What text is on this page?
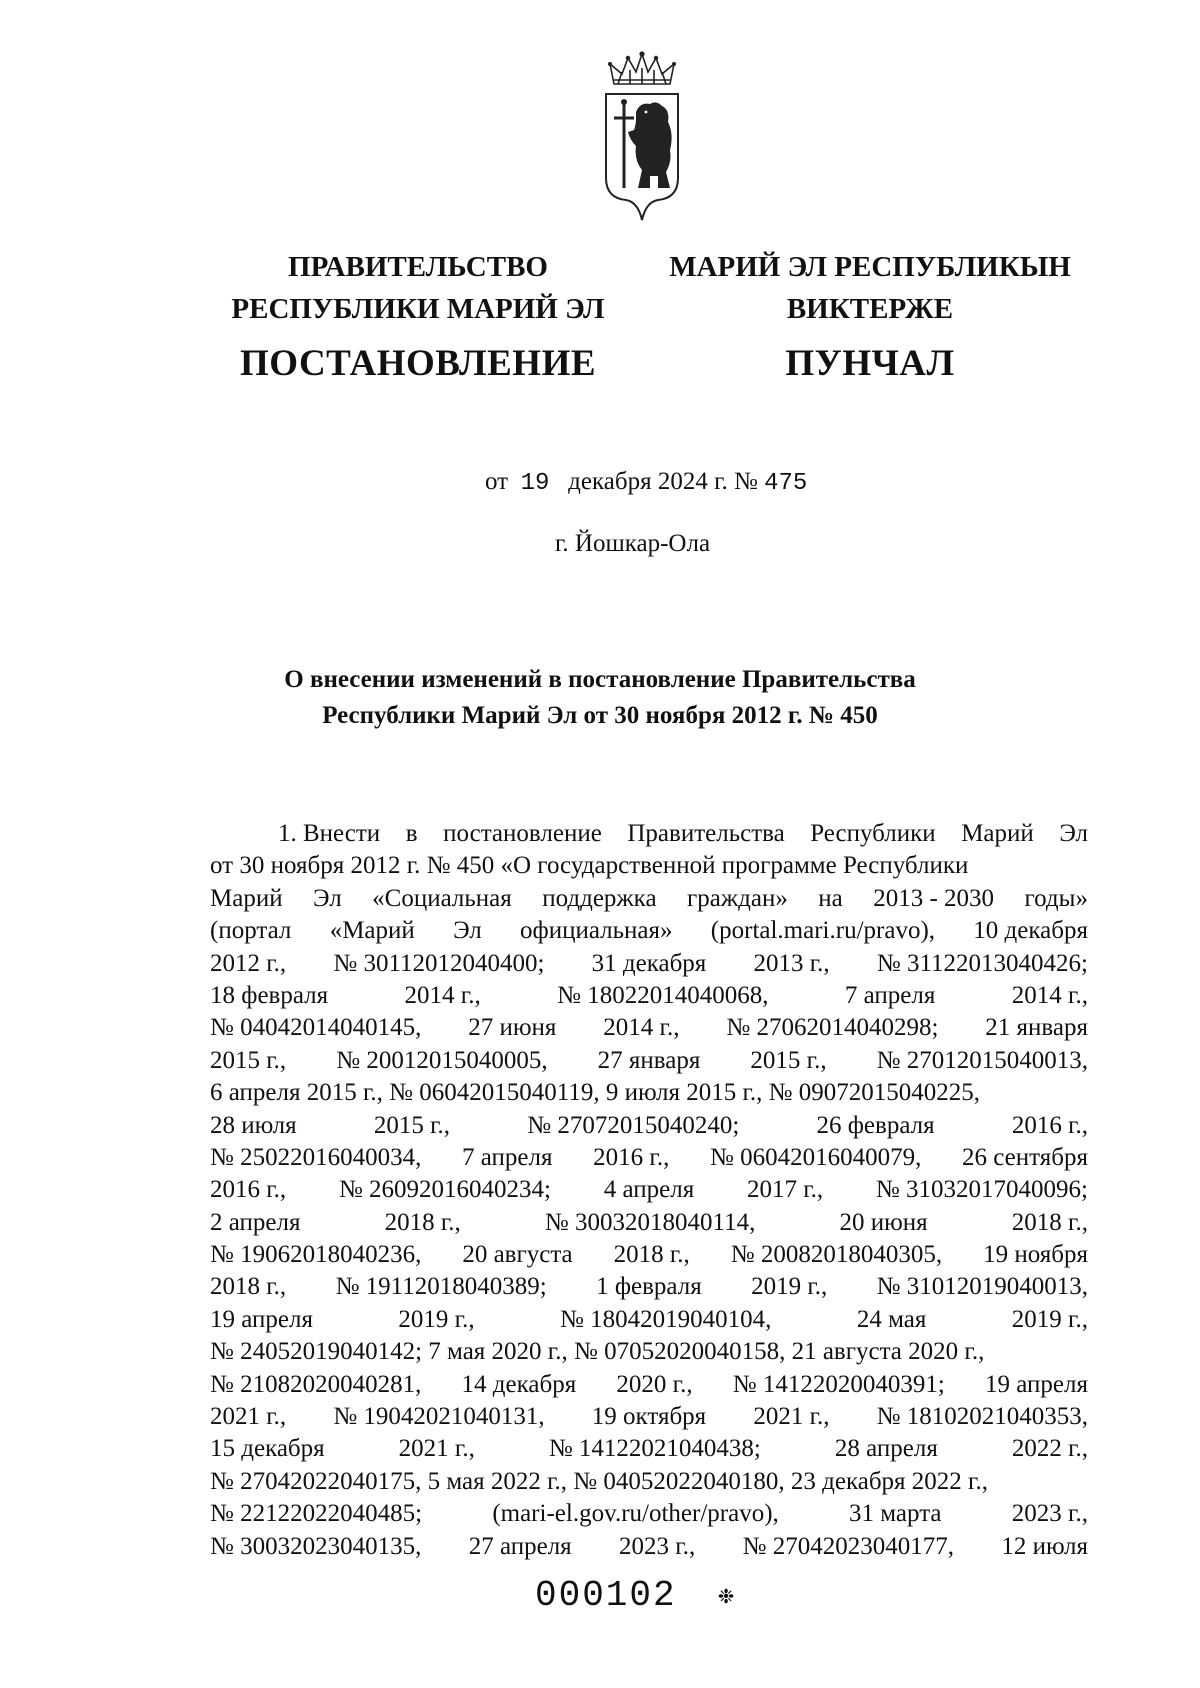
ПРАВИТЕЛЬСТВО
РЕСПУБЛИКИ МАРИЙ ЭЛ
ПОСТАНОВЛЕНИЕ
МАРИЙ ЭЛ РЕСПУБЛИКЫН
ВИКТЕРЖЕ
ПУНЧАЛ
от 19 декабря 2024 г. № 475
г. Йошкар-Ола
О внесении изменений в постановление Правительства
Республики Марий Эл от 30 ноября 2012 г. № 450
1. Внести в постановление Правительства Республики Марий Эл
от 30 ноября 2012 г. № 450 «О государственной программе Республики
Марий Эл «Социальная поддержка граждан» на 2013 - 2030 годы»
(портал «Марий Эл официальная» (portal.mari.ru/pravo), 10 декабря
2012 г., № 30112012040400; 31 декабря 2013 г., № 31122013040426;
18 февраля	2014 г.,	№ 18022014040068,	7 апреля	2014 г.,
№ 04042014040145, 27 июня 2014 г., № 27062014040298; 21 января
2015 г., № 20012015040005, 27 января 2015 г., № 27012015040013,
6 апреля 2015 г., № 06042015040119, 9 июля 2015 г., № 09072015040225,
28 июля	2015 г.,	№ 27072015040240;	26 февраля	2016 г.,
№ 25022016040034, 7 апреля 2016 г., № 06042016040079, 26 сентября
2016 г., № 26092016040234; 4 апреля 2017 г., № 31032017040096;
2 апреля	2018 г.,	№ 30032018040114,	20 июня	2018 г.,
№ 19062018040236, 20 августа 2018 г., № 20082018040305, 19 ноября
2018 г., № 19112018040389; 1 февраля 2019 г., № 31012019040013,
19 апреля	2019 г.,	№ 18042019040104,	24 мая	2019 г.,
№ 24052019040142; 7 мая 2020 г., № 07052020040158, 21 августа 2020 г.,
№ 21082020040281, 14 декабря 2020 г., № 14122020040391; 19 апреля
2021 г., № 19042021040131, 19 октября 2021 г., № 18102021040353,
15 декабря	2021 г.,	№ 14122021040438;	28 апреля	2022 г.,
№ 27042022040175, 5 мая 2022 г., № 04052022040180, 23 декабря 2022 г.,
№ 22122022040485;	(mari-el.gov.ru/other/pravo),	31 марта	2023 г.,
№ 30032023040135, 27 апреля 2023 г., № 27042023040177, 12 июля
000102 ❉
